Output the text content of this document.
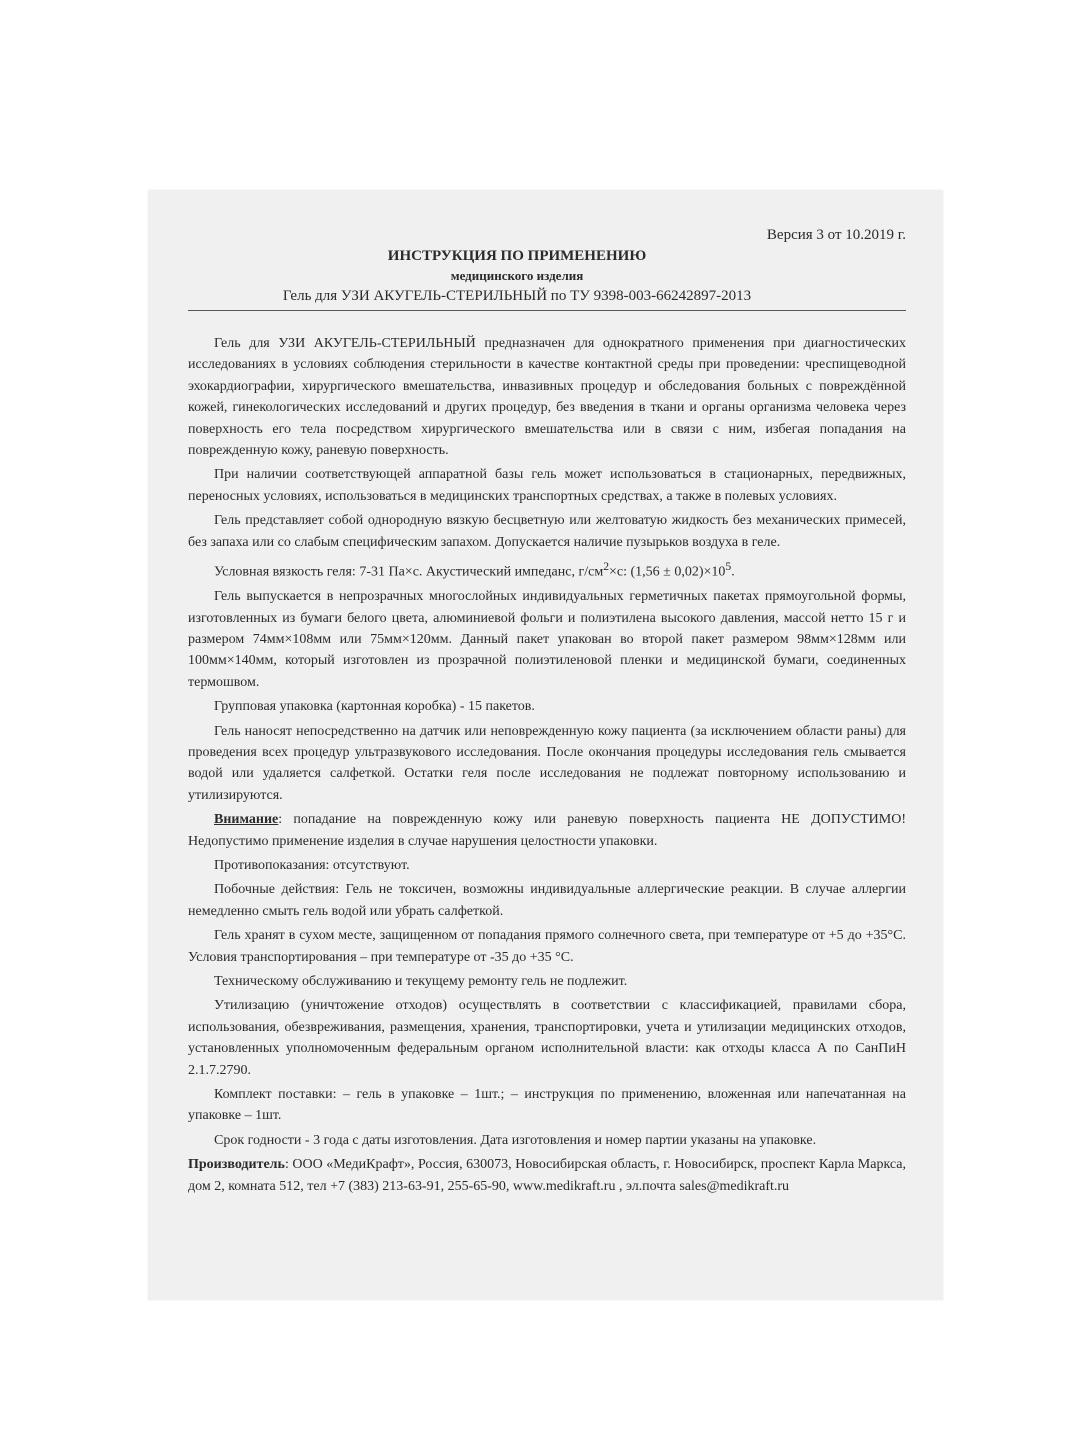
Версия 3 от 10.2019 г.
ИНСТРУКЦИЯ ПО ПРИМЕНЕНИЮ
медицинского изделия
Гель для УЗИ АКУГЕЛЬ-СТЕРИЛЬНЫЙ по ТУ 9398-003-66242897-2013

Гель для УЗИ АКУГЕЛЬ-СТЕРИЛЬНЫЙ предназначен для однократного применения при диагностических исследованиях в условиях соблюдения стерильности в качестве контактной среды при проведении: чреспищеводной эхокардиографии, хирургического вмешательства, инвазивных процедур и обследования больных с повреждённой кожей, гинекологических исследований и других процедур, без введения в ткани и органы организма человека через поверхность его тела посредством хирургического вмешательства или в связи с ним, избегая попадания на поврежденную кожу, раневую поверхность.

При наличии соответствующей аппаратной базы гель может использоваться в стационарных, передвижных, переносных условиях, использоваться в медицинских транспортных средствах, а также в полевых условиях.

Гель представляет собой однородную вязкую бесцветную или желтоватую жидкость без механических примесей, без запаха или со слабым специфическим запахом. Допускается наличие пузырьков воздуха в геле.

Условная вязкость геля: 7-31 Па×с. Акустический импеданс, $г/см^2\times с$: $(1,56 \pm 0,02)\times 10^5$.

Гель выпускается в непрозрачных многослойных индивидуальных герметичных пакетах прямоугольной формы, изготовленных из бумаги белого цвета, алюминиевой фольги и полиэтилена высокого давления, массой нетто 15 г и размером 74мм×108мм или 75мм×120мм. Данный пакет упакован во второй пакет размером 98мм×128мм или 100мм×140мм, который изготовлен из прозрачной полиэтиленовой пленки и медицинской бумаги, соединенных термошвом.

Групповая упаковка (картонная коробка) - 15 пакетов.

Гель наносят непосредственно на датчик или неповрежденную кожу пациента (за исключением области раны) для проведения всех процедур ультразвукового исследования. После окончания процедуры исследования гель смывается водой или удаляется салфеткой. Остатки геля после исследования не подлежат повторному использованию и утилизируются.

Внимание: попадание на поврежденную кожу или раневую поверхность пациента НЕ ДОПУСТИМО! Недопустимо применение изделия в случае нарушения целостности упаковки.

Противопоказания: отсутствуют.

Побочные действия: Гель не токсичен, возможны индивидуальные аллергические реакции. В случае аллергии немедленно смыть гель водой или убрать салфеткой.

Гель хранят в сухом месте, защищенном от попадания прямого солнечного света, при температуре от +5 до +35°С. Условия транспортирования – при температуре от -35 до +35 °С.

Техническому обслуживанию и текущему ремонту гель не подлежит.

Утилизацию (уничтожение отходов) осуществлять в соответствии с классификацией, правилами сбора, использования, обезвреживания, размещения, хранения, транспортировки, учета и утилизации медицинских отходов, установленных уполномоченным федеральным органом исполнительной власти: как отходы класса А по СанПиН 2.1.7.2790.

Комплект поставки: – гель в упаковке – 1шт.; – инструкция по применению, вложенная или напечатанная на упаковке – 1шт.

Срок годности - 3 года с даты изготовления. Дата изготовления и номер партии указаны на упаковке.

Производитель: ООО «МедиКрафт», Россия, 630073, Новосибирская область, г. Новосибирск, проспект Карла Маркса, дом 2, комната 512, тел +7 (383) 213-63-91, 255-65-90, www.medikraft.ru , эл.почта sales@medikraft.ru
